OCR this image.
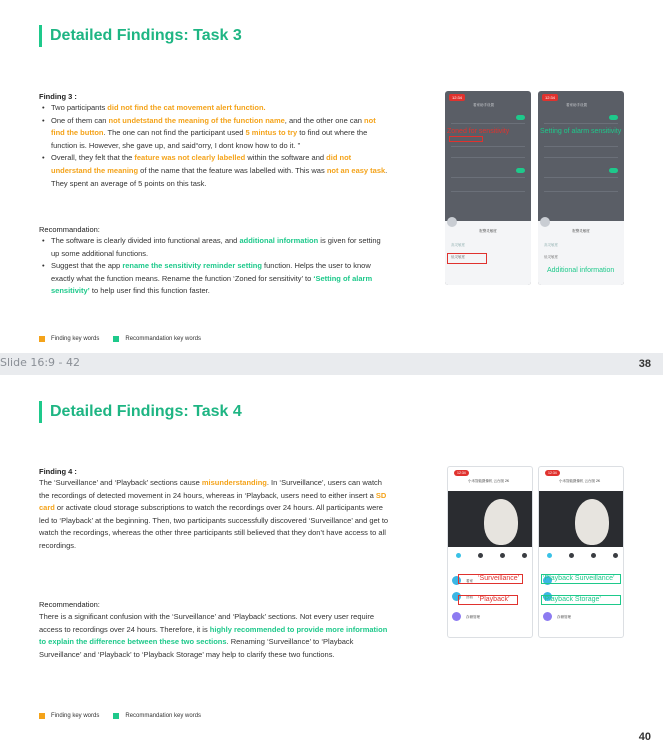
Detailed Findings: Task 3
Finding 3 :
• Two participants did not find the cat movement alert function.
• One of them can not undetstand the meaning of the function name, and the other one can not find the button. The one can not find the participant used 5 mintus to try to find out where the function is. However, she gave up, and said“orry, I dont know how to do it. ”
• Overall, they felt that the feature was not clearly labelled within the software and did not understand the meaning of the name that the feature was labelled with. This was not an easy task. They spent an average of 5 points on this task.
Recommandation:
• The software is clearly divided into functional areas, and additional information is given for setting up some additional functions.
• Suggest that the app rename the sensitivity reminder setting function. Helps the user to know exactly what the function means. Rename the function ‘Zoned for sensitivity’ to ‘Setting of alarm sensitivity’ to help user find this function faster.
Finding key words	Recommandation key words
12:34
看家助手设置
报警灵敏度
高灵敏度
低灵敏度
Zoned for sensitivity
12:34
看家助手设置
报警灵敏度
高灵敏度
低灵敏度
Setting of alarm sensitivity
Additional information
Slide 16:9 - 42	38
Detailed Findings: Task 4
Finding 4 :

The ‘Surveillance’ and ‘Playback’ sections cause misunderstanding. In ‘Surveillance’, users can watch the recordings of detected movement in 24 hours, whereas in ‘Playback, users need to either insert a SD card or activate cloud storage subscriptions to watch the recordings over 24 hours. All participants were led to ‘Playback’ at the beginning. Then, two participants successfully discovered ‘Surveillance’ and get to watch the recordings, whereas the other three participants still believed that they don’t have access to all recordings.

Recommendation:

There is a significant confusion with the ‘Surveillance’ and ‘Playback’ sections. Not every user require access to recordings over 24 hours. Therefore, it is highly recommended to provide more information to explain the difference between these two sections. Renaming ‘Surveillance’ to ‘Playback Surveillance’ and ‘Playback’ to ‘Playback Storage’ may help to clarify these two functions.

Finding key words	Recommandation key words
12:34
小米智能摄像机 云台版 2K
看家
回看
存储管理
‘Surveillance’
‘Playback’
12:34
小米智能摄像机 云台版 2K
存储管理
‘Playback Surveillance’
‘Playback Storage’
40
